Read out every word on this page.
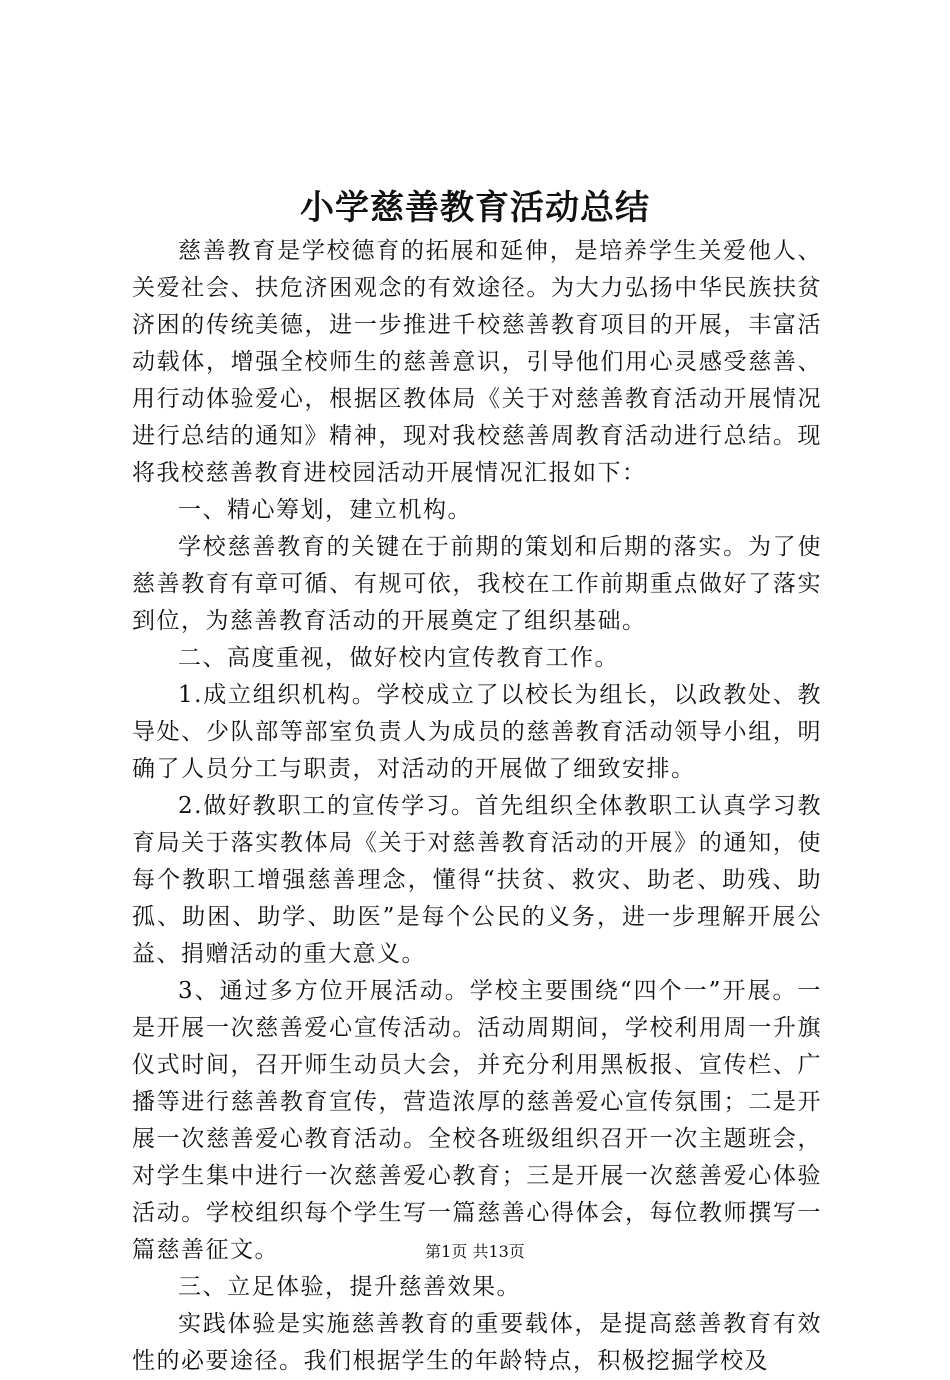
小学慈善教育活动总结

慈善教育是学校德育的拓展和延伸，是培养学生关爱他人、关爱社会、扶危济困观念的有效途径。为大力弘扬中华民族扶贫济困的传统美德，进一步推进千校慈善教育项目的开展，丰富活动载体，增强全校师生的慈善意识，引导他们用心灵感受慈善、用行动体验爱心，根据区教体局《关于对慈善教育活动开展情况进行总结的通知》精神，现对我校慈善周教育活动进行总结。现将我校慈善教育进校园活动开展情况汇报如下：

一、精心筹划，建立机构。

学校慈善教育的关键在于前期的策划和后期的落实。为了使慈善教育有章可循、有规可依，我校在工作前期重点做好了落实到位，为慈善教育活动的开展奠定了组织基础。

二、高度重视，做好校内宣传教育工作。

1.成立组织机构。学校成立了以校长为组长，以政教处、教导处、少队部等部室负责人为成员的慈善教育活动领导小组，明确了人员分工与职责，对活动的开展做了细致安排。

2.做好教职工的宣传学习。首先组织全体教职工认真学习教育局关于落实教体局《关于对慈善教育活动的开展》的通知，使每个教职工增强慈善理念，懂得“扶贫、救灾、助老、助残、助孤、助困、助学、助医”是每个公民的义务，进一步理解开展公益、捐赠活动的重大意义。

3、通过多方位开展活动。学校主要围绕“四个一”开展。一是开展一次慈善爱心宣传活动。活动周期间，学校利用周一升旗仪式时间，召开师生动员大会，并充分利用黑板报、宣传栏、广播等进行慈善教育宣传，营造浓厚的慈善爱心宣传氛围；二是开展一次慈善爱心教育活动。全校各班级组织召开一次主题班会，对学生集中进行一次慈善爱心教育；三是开展一次慈善爱心体验活动。学校组织每个学生写一篇慈善心得体会，每位教师撰写一篇慈善征文。

三、立足体验，提升慈善效果。

实践体验是实施慈善教育的重要载体，是提高慈善教育有效性的必要途径。我们根据学生的年龄特点，积极挖掘学校及

第1页 共13页
